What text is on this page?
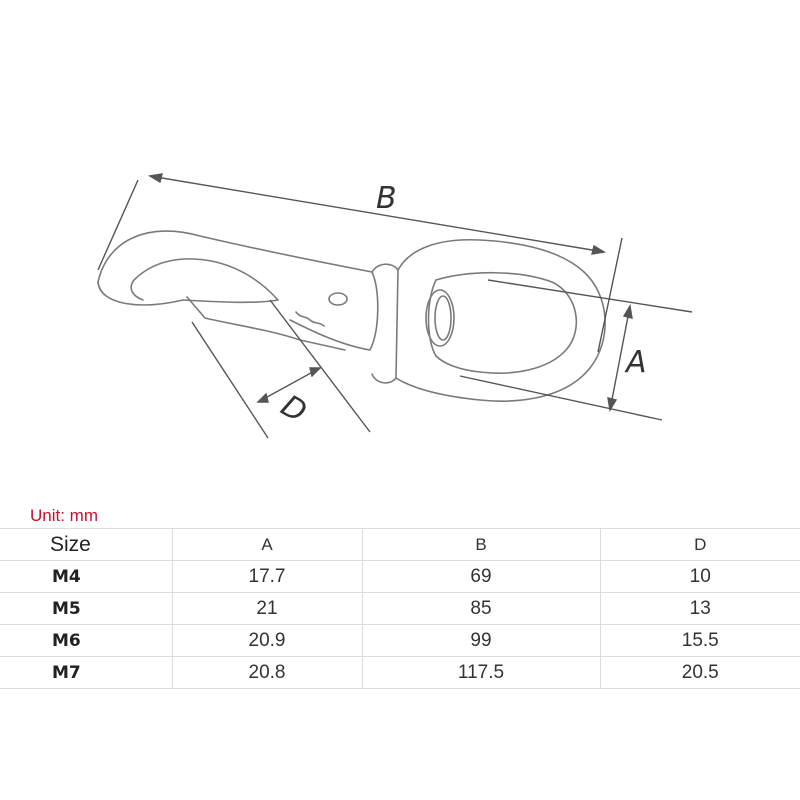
B
A
D
Unit: mm
Size	A	B	D
M4	17.7	69	10
M5	21	85	13
M6	20.9	99	15.5
M7	20.8	117.5	20.5
